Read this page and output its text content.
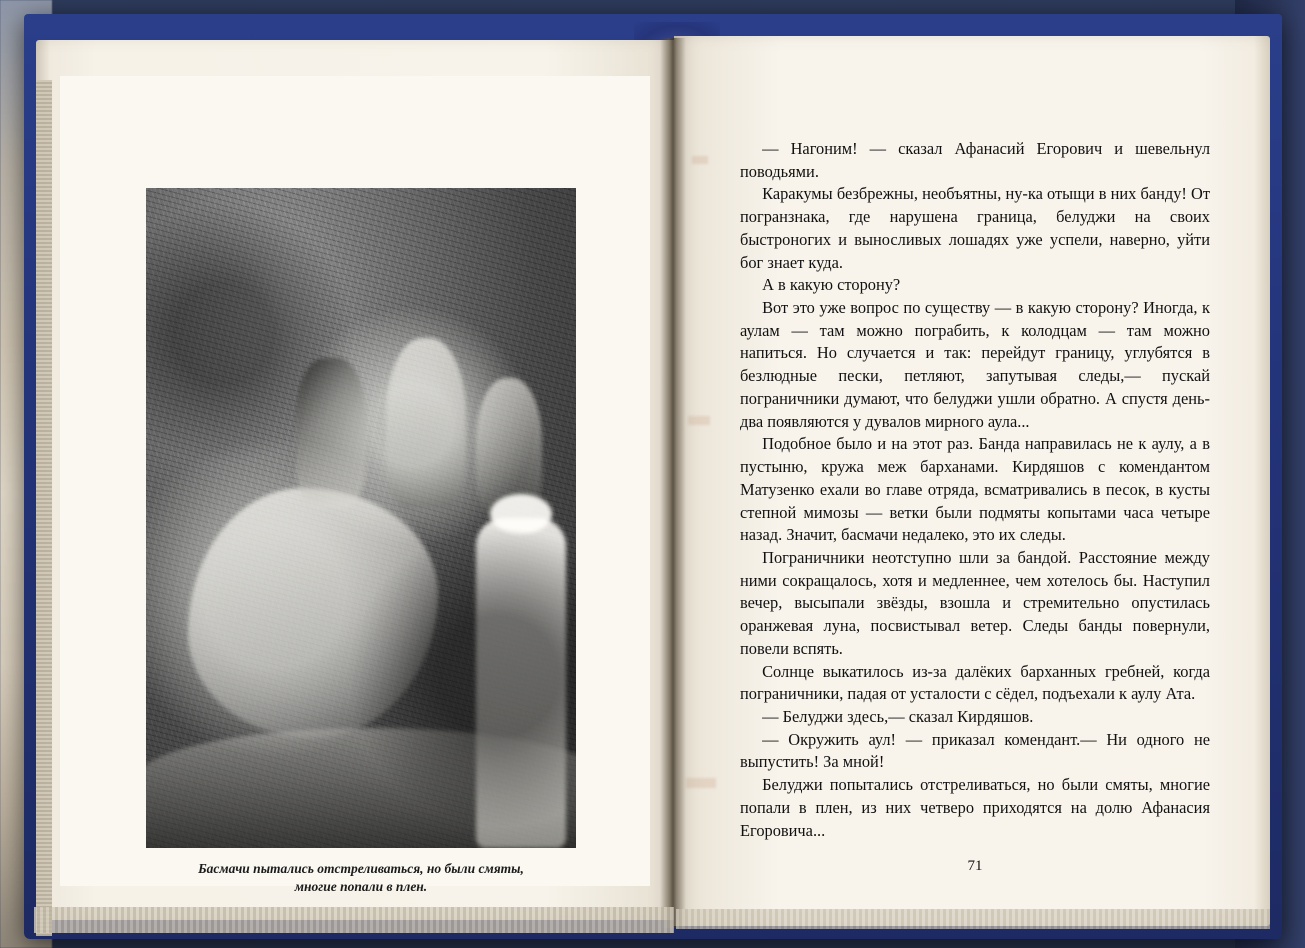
Басмачи пытались отстреливаться, но были смяты,
многие попали в плен.

— Нагоним! — сказал Афанасий Егорович и шевельнул поводьями.

Каракумы безбрежны, необъятны, ну-ка отыщи в них банду! От погранзнака, где нарушена граница, белуджи на своих быстроногих и выносливых лошадях уже успели, наверно, уйти бог знает куда.

А в какую сторону?

Вот это уже вопрос по существу — в какую сторону? Иногда, к аулам — там можно пограбить, к колодцам — там можно напиться. Но случается и так: перейдут границу, углубятся в безлюдные пески, петляют, запутывая следы,— пускай пограничники думают, что белуджи ушли обратно. А спустя день-два появляются у дувалов мирного аула...

Подобное было и на этот раз. Банда направилась не к аулу, а в пустыню, кружа меж барханами. Кирдяшов с комендантом Матузенко ехали во главе отряда, всматривались в песок, в кусты степной мимозы — ветки были подмяты копытами часа четыре назад. Значит, басмачи недалеко, это их следы.

Пограничники неотступно шли за бандой. Расстояние между ними сокращалось, хотя и медленнее, чем хотелось бы. Наступил вечер, высыпали звёзды, взошла и стремительно опустилась оранжевая луна, посвистывал ветер. Следы банды повернули, повели вспять.

Солнце выкатилось из-за далёких барханных гребней, когда пограничники, падая от усталости с сёдел, подъехали к аулу Ата.

— Белуджи здесь,— сказал Кирдяшов.

— Окружить аул! — приказал комендант.— Ни одного не выпустить! За мной!

Белуджи попытались отстреливаться, но были смяты, многие попали в плен, из них четверо приходятся на долю Афанасия Егоровича...

71
